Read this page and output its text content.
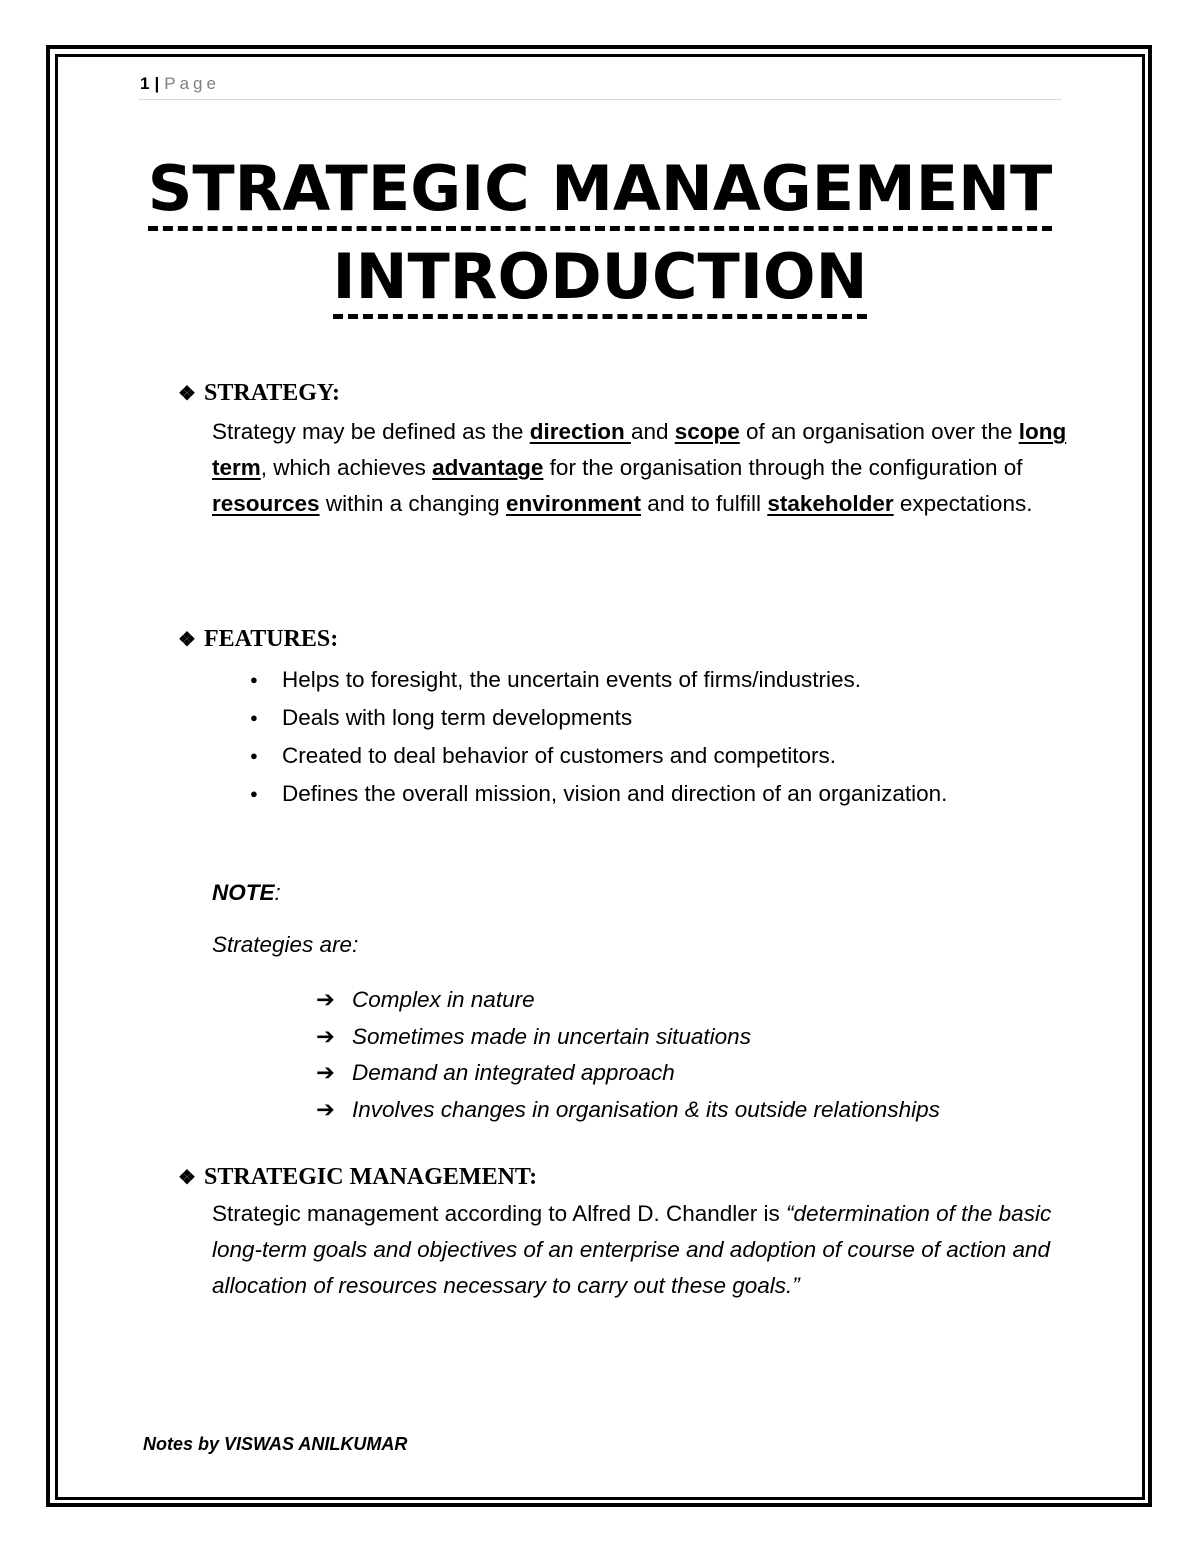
1 | Page
STRATEGIC MANAGEMENT
INTRODUCTION
❖ STRATEGY:
Strategy may be defined as the direction and scope of an organisation over the long term, which achieves advantage for the organisation through the configuration of resources within a changing environment and to fulfill stakeholder expectations.
❖ FEATURES:
● Helps to foresight, the uncertain events of firms/industries.
● Deals with long term developments
● Created to deal behavior of customers and competitors.
● Defines the overall mission, vision and direction of an organization.
NOTE:
Strategies are:
➔ Complex in nature
➔ Sometimes made in uncertain situations
➔ Demand an integrated approach
➔ Involves changes in organisation & its outside relationships
❖ STRATEGIC MANAGEMENT:
Strategic management according to Alfred D. Chandler is “determination of the basic long-term goals and objectives of an enterprise and adoption of course of action and allocation of resources necessary to carry out these goals.”
Notes by VISWAS ANILKUMAR
